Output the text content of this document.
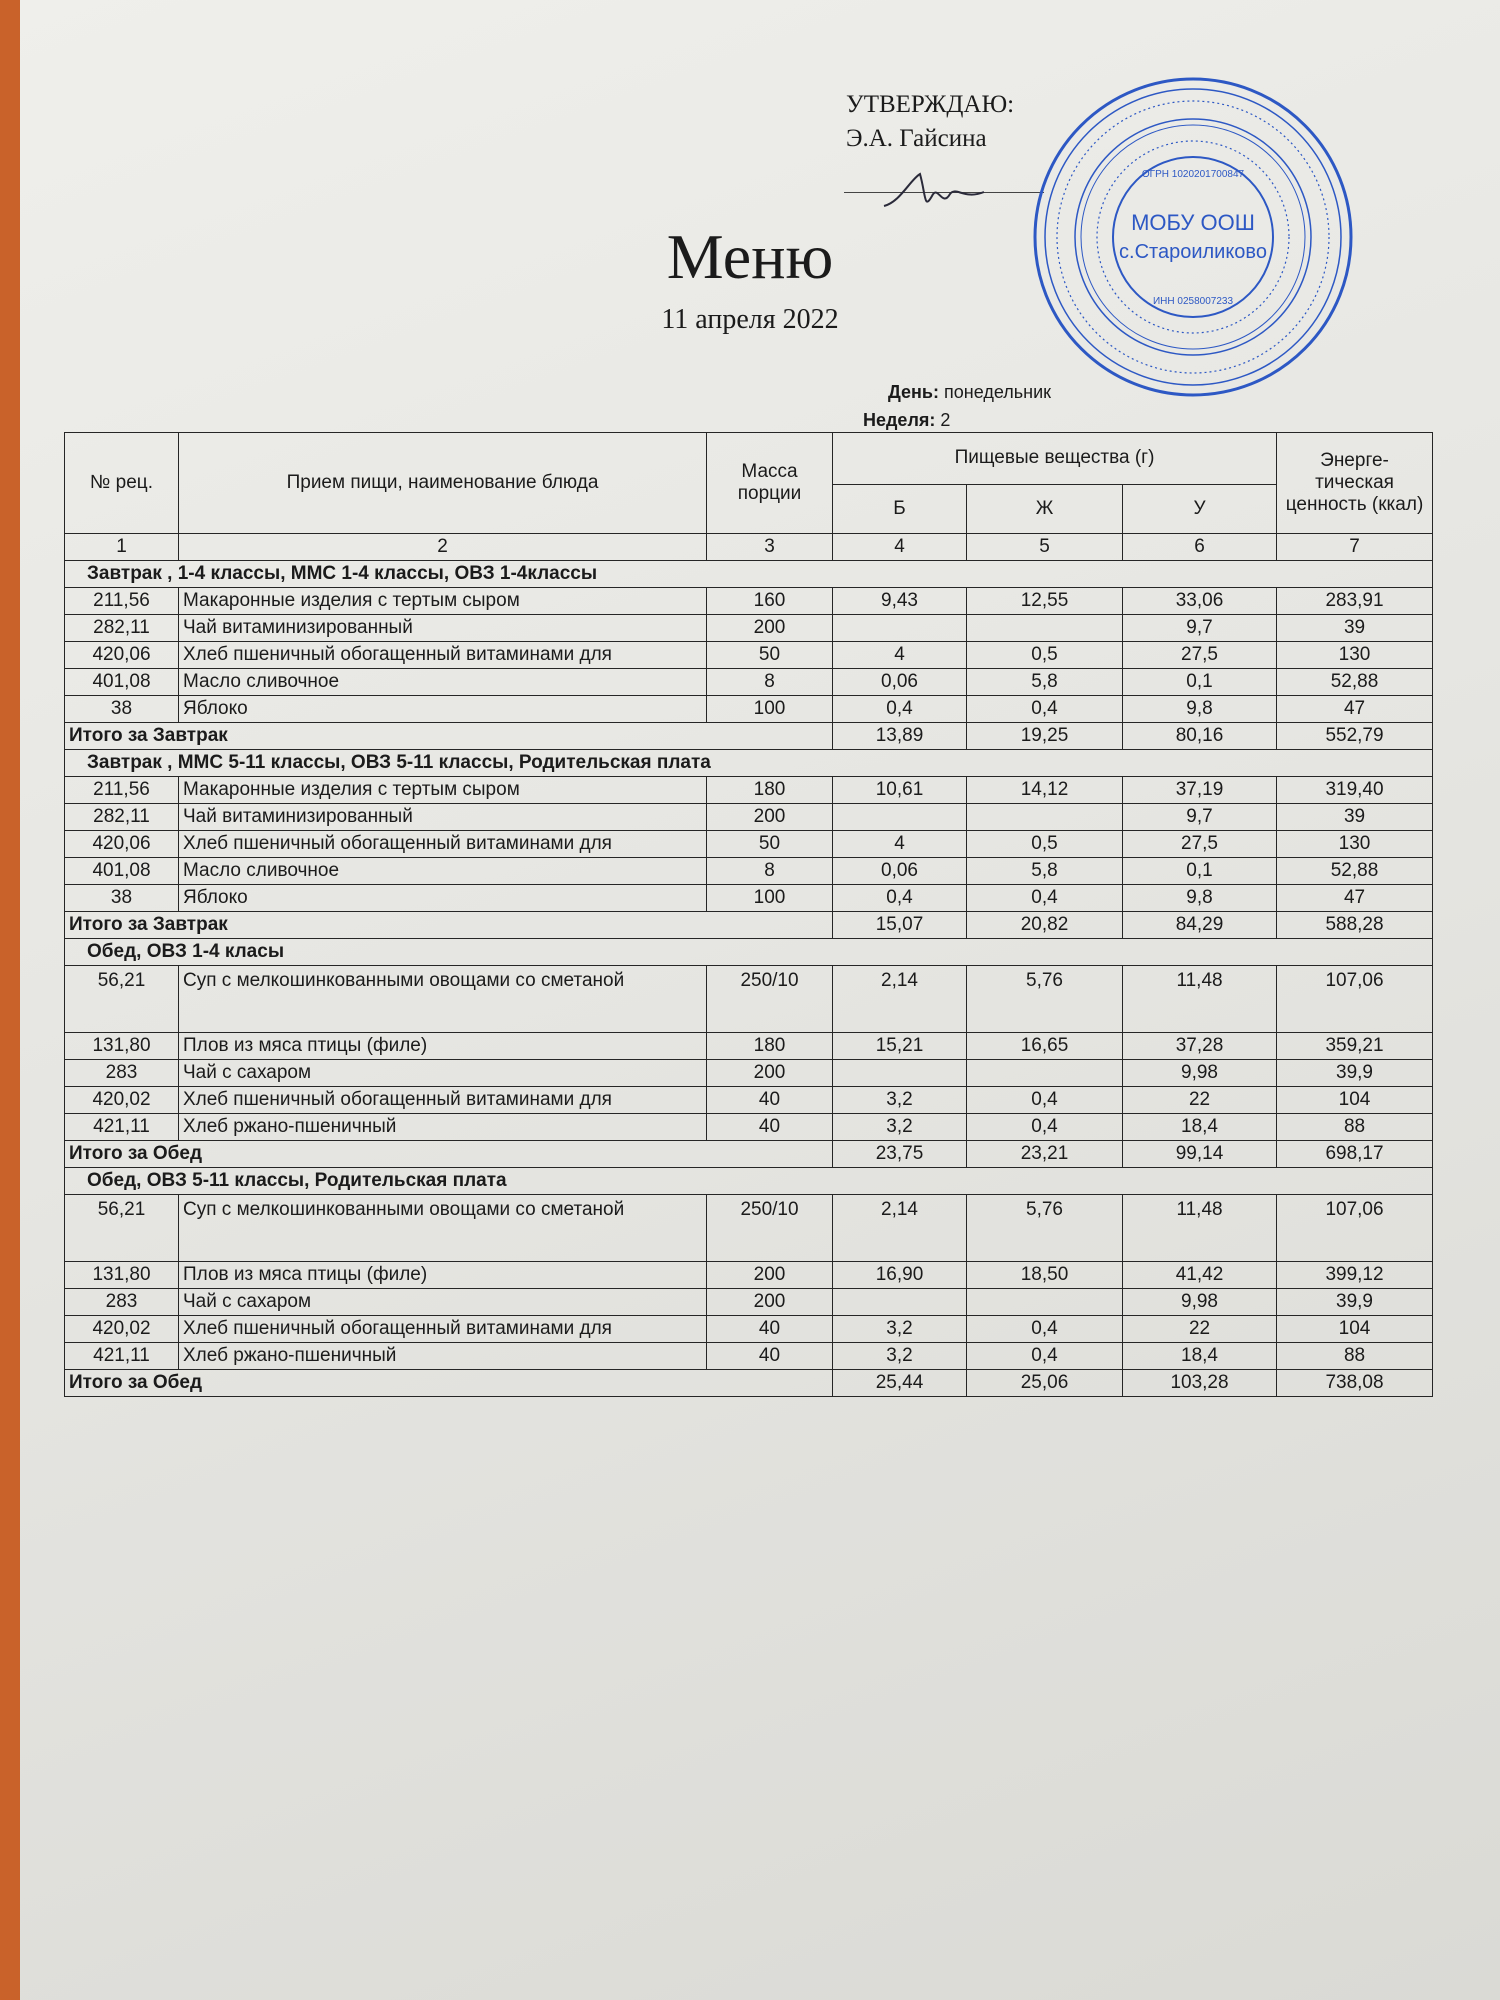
УТВЕРЖДАЮ:
Э.А. Гайсина
МОБУ ООШ
с.Староиликово
ОГРН 1020201700847
ИНН 0258007233
Меню
11 апреля 2022
День: понедельник
Неделя: 2
№ рец.	Прием пищи, наименование блюда	Масса порции	Пищевые вещества (г)			Энерге-тическая ценность (ккал)
			Б	Ж	У	
1	2	3	4	5	6	7
Завтрак , 1-4 классы, ММС 1-4 классы, ОВЗ 1-4классы						
211,56	Макаронные изделия с тертым сыром	160	9,43	12,55	33,06	283,91
282,11	Чай витаминизированный	200			9,7	39
420,06	Хлеб пшеничный обогащенный витаминами для	50	4	0,5	27,5	130
401,08	Масло сливочное	8	0,06	5,8	0,1	52,88
38	Яблоко	100	0,4	0,4	9,8	47
Итого за Завтрак			13,89	19,25	80,16	552,79
Завтрак , ММС 5-11 классы, ОВЗ 5-11 классы, Родительская плата						
211,56	Макаронные изделия с тертым сыром	180	10,61	14,12	37,19	319,40
282,11	Чай витаминизированный	200			9,7	39
420,06	Хлеб пшеничный обогащенный витаминами для	50	4	0,5	27,5	130
401,08	Масло сливочное	8	0,06	5,8	0,1	52,88
38	Яблоко	100	0,4	0,4	9,8	47
Итого за Завтрак			15,07	20,82	84,29	588,28
Обед, ОВЗ 1-4 класы						
56,21	Суп с мелкошинкованными овощами со сметаной	250/10	2,14	5,76	11,48	107,06
131,80	Плов из мяса птицы (филе)	180	15,21	16,65	37,28	359,21
283	Чай с сахаром	200			9,98	39,9
420,02	Хлеб пшеничный обогащенный витаминами для	40	3,2	0,4	22	104
421,11	Хлеб ржано-пшеничный	40	3,2	0,4	18,4	88
Итого за Обед			23,75	23,21	99,14	698,17
Обед, ОВЗ 5-11 классы, Родительская плата						
56,21	Суп с мелкошинкованными овощами со сметаной	250/10	2,14	5,76	11,48	107,06
131,80	Плов из мяса птицы (филе)	200	16,90	18,50	41,42	399,12
283	Чай с сахаром	200			9,98	39,9
420,02	Хлеб пшеничный обогащенный витаминами для	40	3,2	0,4	22	104
421,11	Хлеб ржано-пшеничный	40	3,2	0,4	18,4	88
Итого за Обед			25,44	25,06	103,28	738,08
